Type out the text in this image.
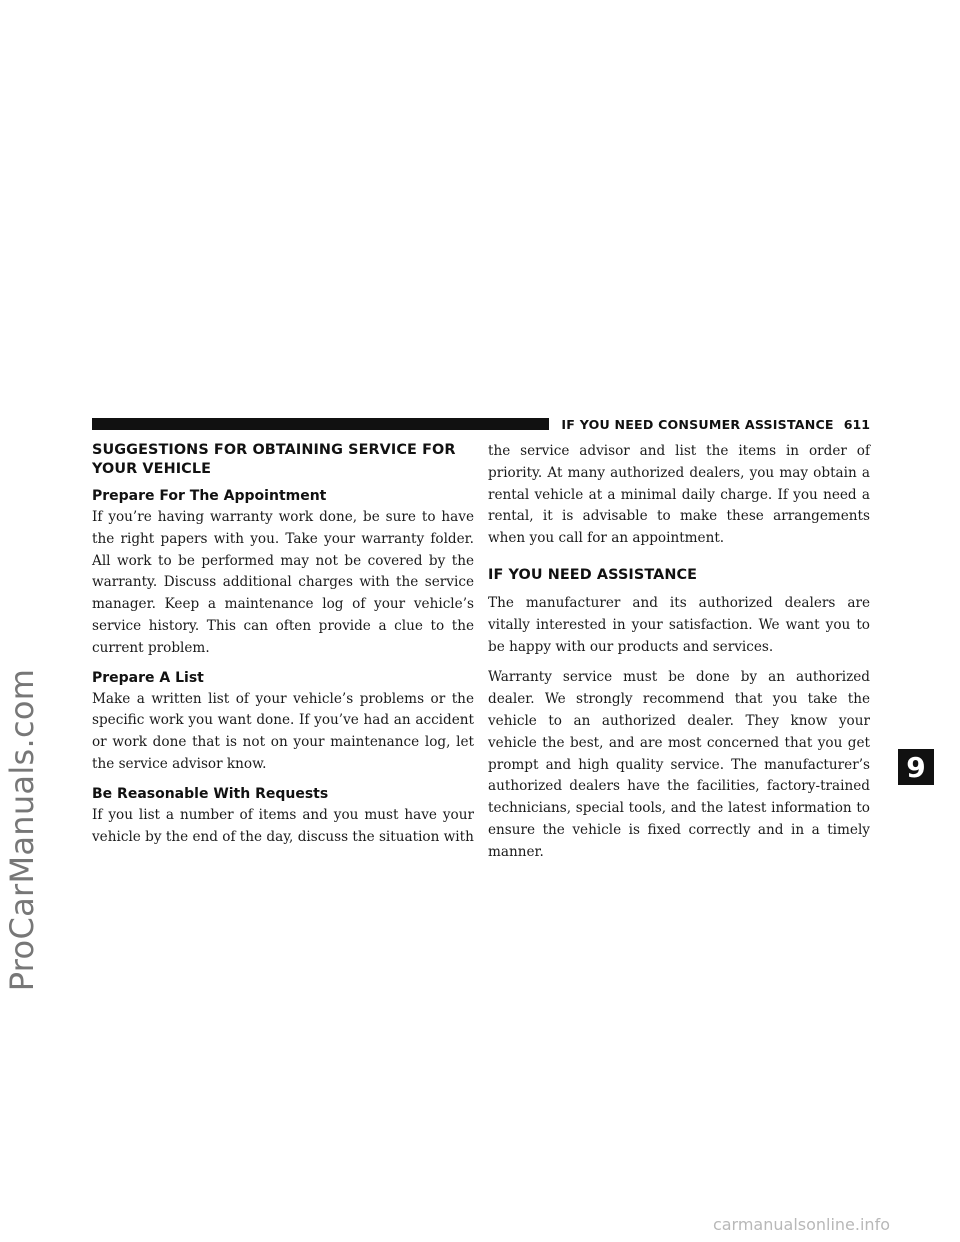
ProCarManuals.com
IF YOU NEED CONSUMER ASSISTANCE 611
SUGGESTIONS FOR OBTAINING SERVICE FOR YOUR VEHICLE
Prepare For The Appointment

If you’re having warranty work done, be sure to have the right papers with you. Take your warranty folder. All work to be performed may not be covered by the warranty. Discuss additional charges with the service manager. Keep a maintenance log of your vehicle’s service history. This can often provide a clue to the current problem.

Prepare A List

Make a written list of your vehicle’s problems or the specific work you want done. If you’ve had an accident or work done that is not on your maintenance log, let the service advisor know.

Be Reasonable With Requests

If you list a number of items and you must have your vehicle by the end of the day, discuss the situation with

the service advisor and list the items in order of priority. At many authorized dealers, you may obtain a rental vehicle at a minimal daily charge. If you need a rental, it is advisable to make these arrangements when you call for an appointment.

IF YOU NEED ASSISTANCE

The manufacturer and its authorized dealers are vitally interested in your satisfaction. We want you to be happy with our products and services.

Warranty service must be done by an authorized dealer. We strongly recommend that you take the vehicle to an authorized dealer. They know your vehicle the best, and are most concerned that you get prompt and high quality service. The manufacturer’s authorized dealers have the facilities, factory-trained technicians, special tools, and the latest information to ensure the vehicle is fixed correctly and in a timely manner.

9
carmanualsonline.info
